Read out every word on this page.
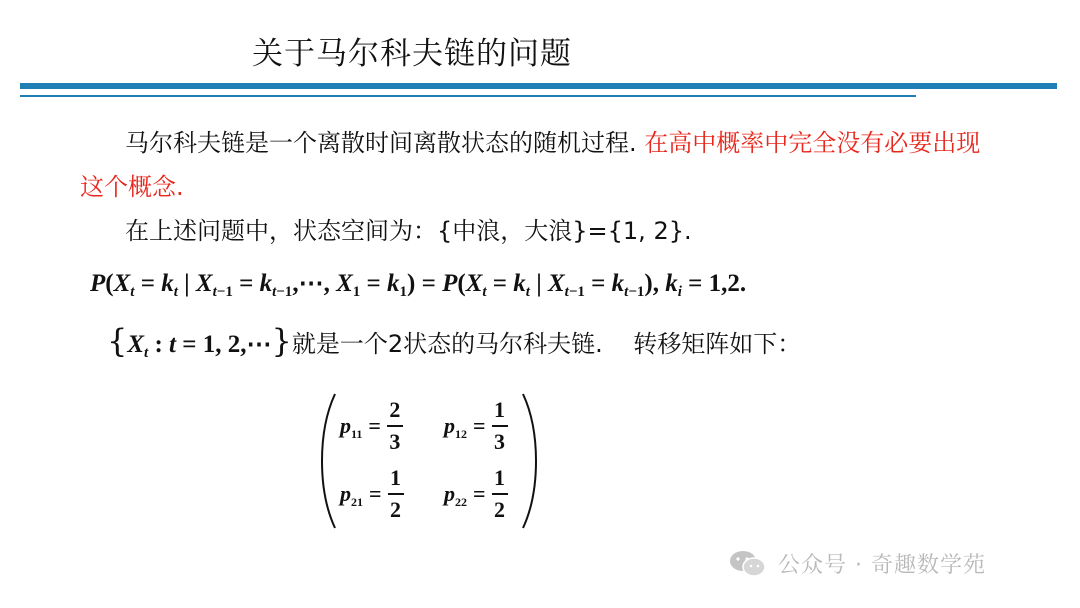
关于马尔科夫链的问题
马尔科夫链是一个离散时间离散状态的随机过程. 在高中概率中完全没有必要出现这个概念.
在上述问题中，状态空间为：{中浪，大浪}={1, 2}.
$P(X_t = k_t$ | $X_{t-1}$ = $k_{t-1},\cdots$, $X_1 = k_1) = P(X_t = k_t$ | $X_{t-1} = k_{t-1}$), $k_i = 1,2$.
{$X_t$ : t = 1, 2,⋯} 就是一个2状态的马尔科夫链.    转移矩阵如下：
$p_{11} = \frac{2}{3} p_{12} = \frac{1}{3}$
$p_{21} = \frac{1}{2} p_{22} = \frac{1}{2}$
公众号 · 奇趣数学苑
